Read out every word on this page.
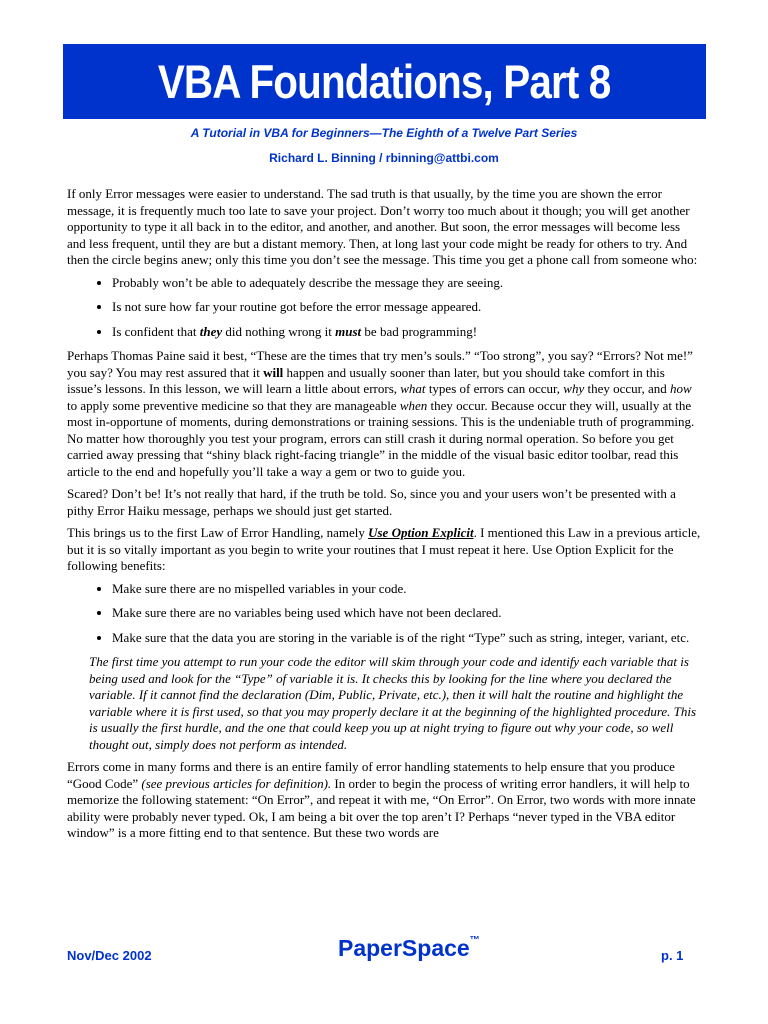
VBA Foundations, Part 8
A Tutorial in VBA for Beginners—The Eighth of a Twelve Part Series
Richard L. Binning / rbinning@attbi.com

If only Error messages were easier to understand. The sad truth is that usually, by the time you are shown the error message, it is frequently much too late to save your project. Don’t worry too much about it though; you will get another opportunity to type it all back in to the editor, and another, and another. But soon, the error messages will become less and less frequent, until they are but a distant memory. Then, at long last your code might be ready for others to try. And then the circle begins anew; only this time you don’t see the message. This time you get a phone call from someone who:

• Probably won’t be able to adequately describe the message they are seeing.
• Is not sure how far your routine got before the error message appeared.
• Is confident that they did nothing wrong it must be bad programming!

Perhaps Thomas Paine said it best, “These are the times that try men’s souls.” “Too strong”, you say? “Errors? Not me!” you say? You may rest assured that it will happen and usually sooner than later, but you should take comfort in this issue’s lessons. In this lesson, we will learn a little about errors, what types of errors can occur, why they occur, and how to apply some preventive medicine so that they are manageable when they occur. Because occur they will, usually at the most in-opportune of moments, during demonstrations or training sessions. This is the undeniable truth of programming. No matter how thoroughly you test your program, errors can still crash it during normal operation. So before you get carried away pressing that “shiny black right-facing triangle” in the middle of the visual basic editor toolbar, read this article to the end and hopefully you’ll take a way a gem or two to guide you.

Scared? Don’t be! It’s not really that hard, if the truth be told. So, since you and your users won’t be presented with a pithy Error Haiku message, perhaps we should just get started.

This brings us to the first Law of Error Handling, namely Use Option Explicit. I mentioned this Law in a previous article, but it is so vitally important as you begin to write your routines that I must repeat it here. Use Option Explicit for the following benefits:

• Make sure there are no mispelled variables in your code.
• Make sure there are no variables being used which have not been declared.
• Make sure that the data you are storing in the variable is of the right “Type” such as string, integer, variant, etc.

The first time you attempt to run your code the editor will skim through your code and identify each variable that is being used and look for the “Type” of variable it is. It checks this by looking for the line where you declared the variable. If it cannot find the declaration (Dim, Public, Private, etc.), then it will halt the routine and highlight the variable where it is first used, so that you may properly declare it at the beginning of the highlighted procedure. This is usually the first hurdle, and the one that could keep you up at night trying to figure out why your code, so well thought out, simply does not perform as intended.

Errors come in many forms and there is an entire family of error handling statements to help ensure that you produce “Good Code” (see previous articles for definition). In order to begin the process of writing error handlers, it will help to memorize the following statement: “On Error”, and repeat it with me, “On Error”. On Error, two words with more innate ability were probably never typed. Ok, I am being a bit over the top aren’t I? Perhaps “never typed in the VBA editor window” is a more fitting end to that sentence. But these two words are

Nov/Dec 2002	PaperSpace™
p. 1
